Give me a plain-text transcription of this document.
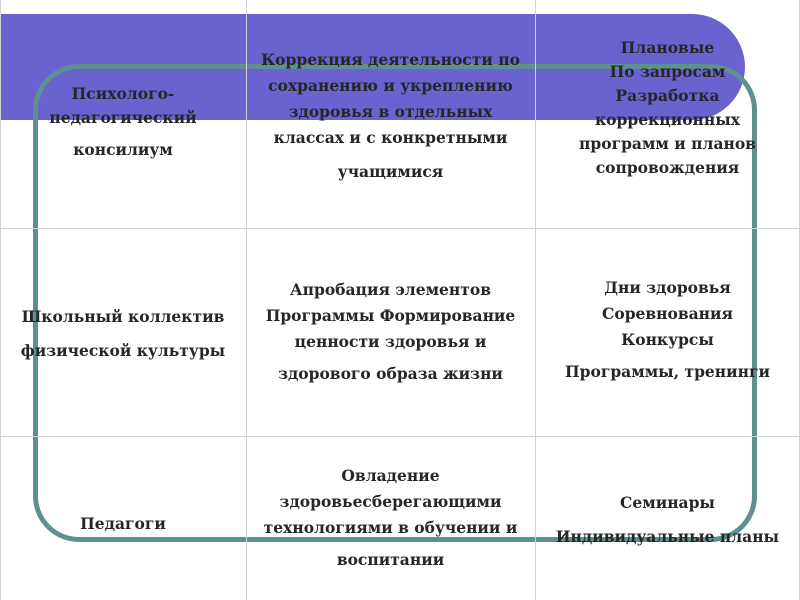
Психолого-
педагогический
консилиум
Коррекция деятельности по
сохранению и укреплению
здоровья в отдельных
классах и с конкретными
учащимися
Плановые
По запросам
Разработка
коррекционных
программ и планов
сопровождения
Школьный коллектив
физической культуры
Апробация элементов
Программы Формирование
ценности здоровья и
здорового образа жизни
Дни здоровья
Соревнования
Конкурсы
Программы, тренинги
Педагоги
Овладение
здоровьесберегающими
технологиями в обучении и
воспитании
Семинары
Индивидуальные планы
